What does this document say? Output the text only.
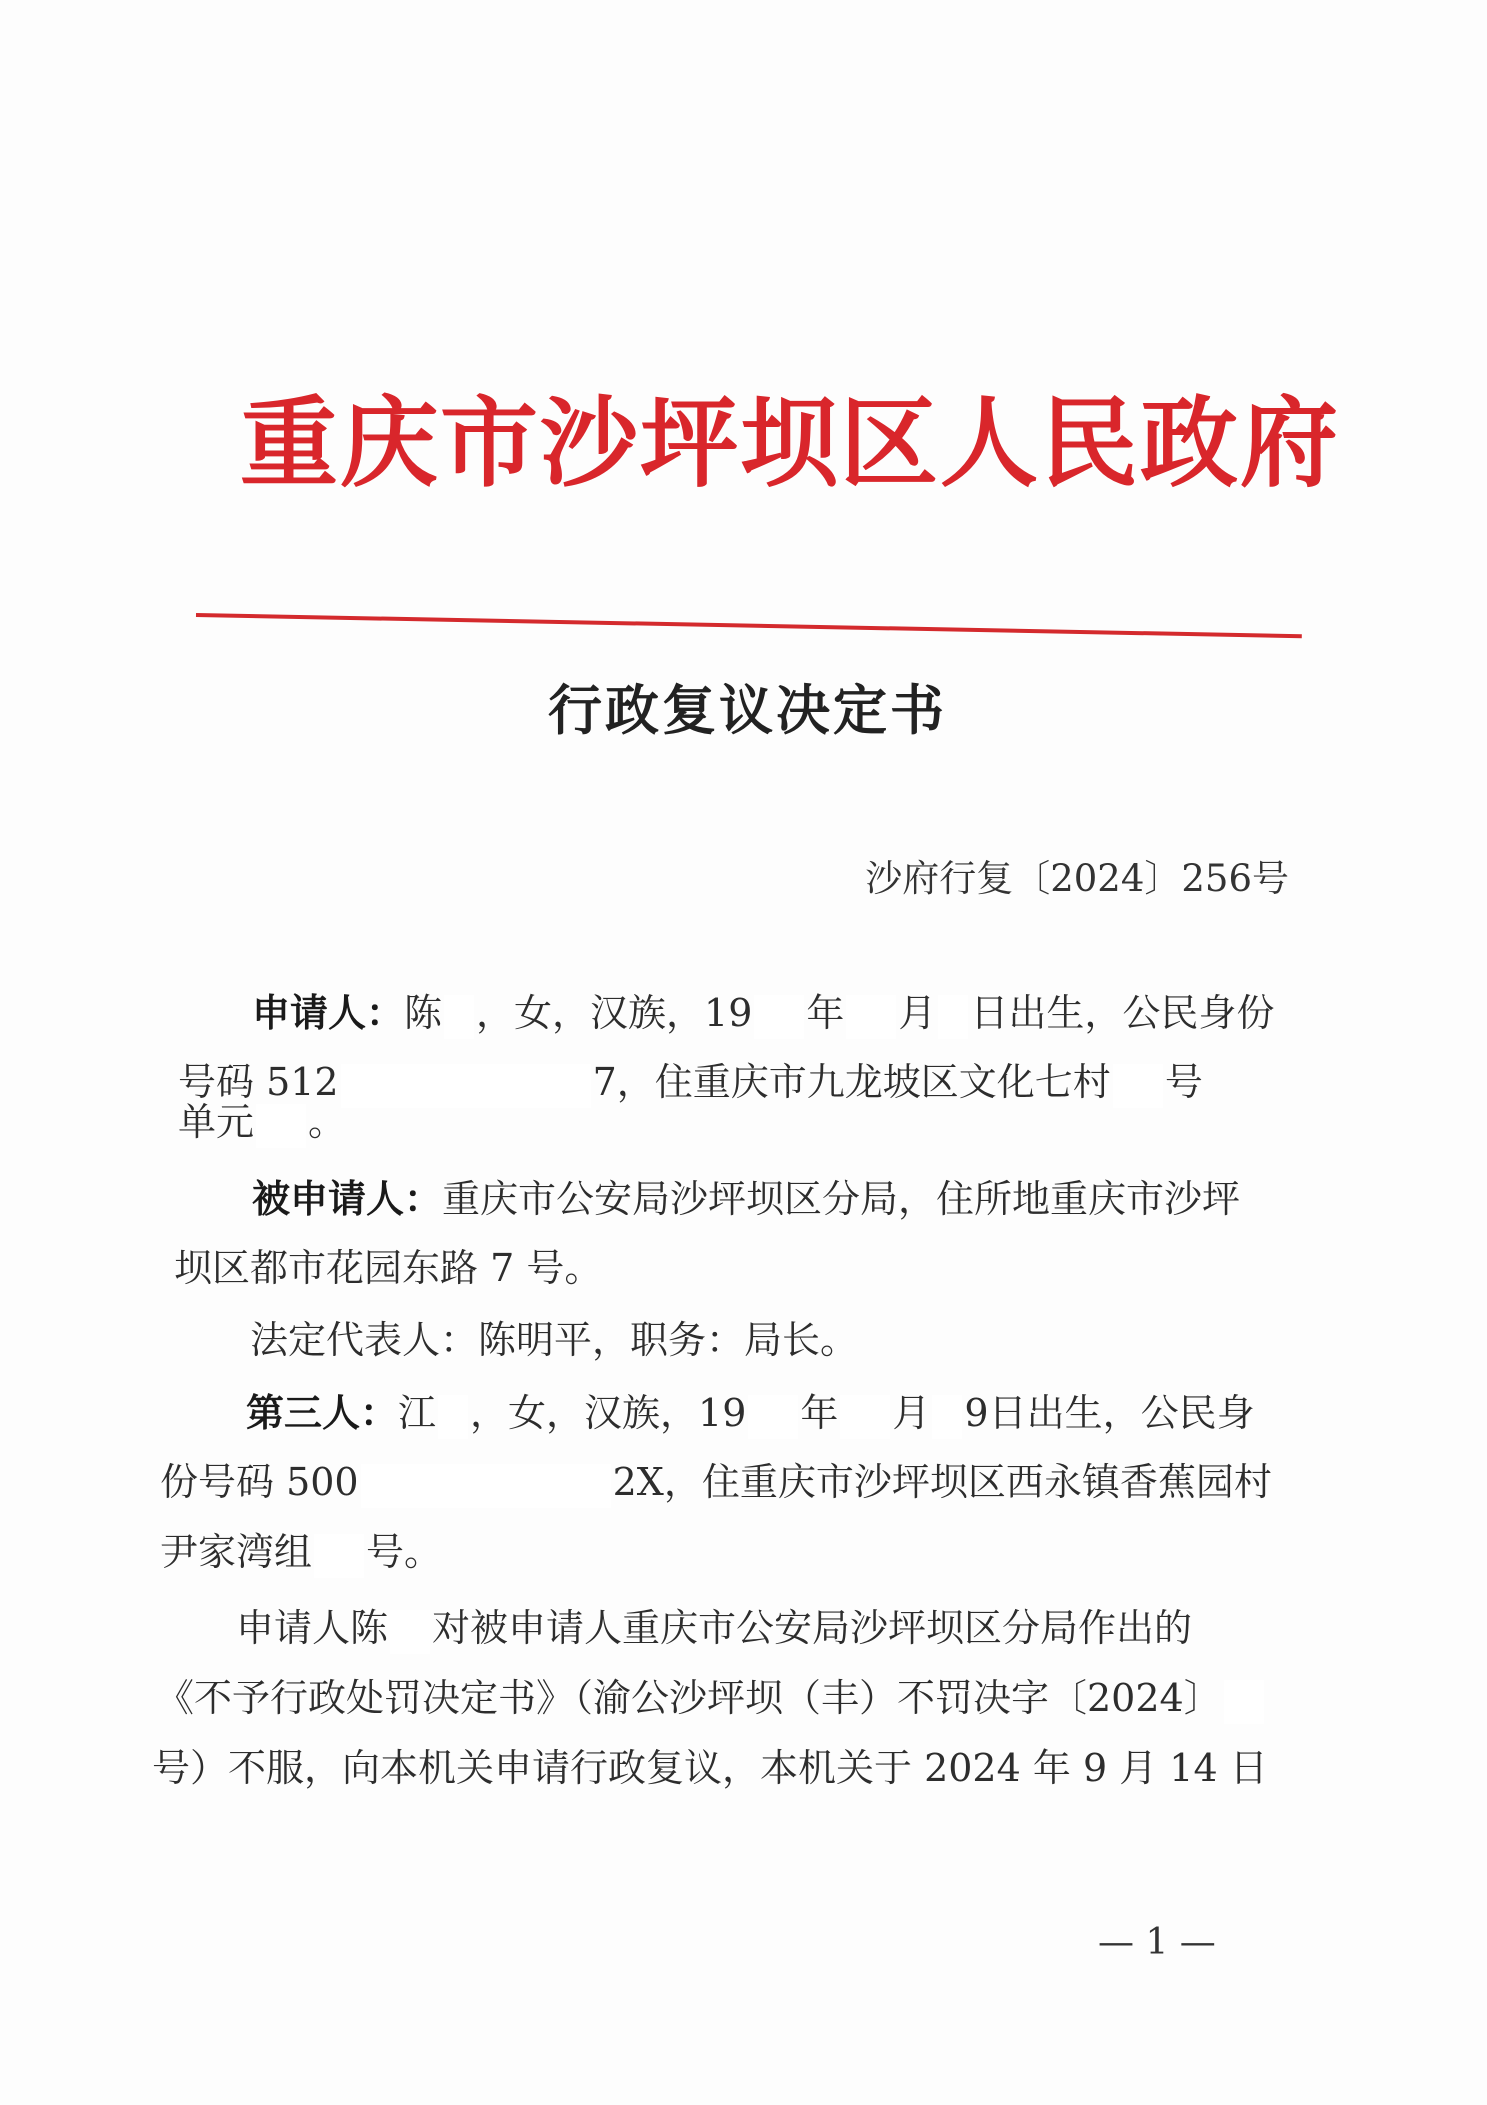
重庆市沙坪坝区人民政府
行政复议决定书
沙府行复〔2024〕256号
申请人：陈 ，女，汉族，19 年 月 日出生，公民身份
号码 512	7，住重庆市九龙坡区文化七村 号
单元 。
被申请人：重庆市公安局沙坪坝区分局，住所地重庆市沙坪
坝区都市花园东路 7 号。
法定代表人：陈明平，职务：局长。
第三人：江 ，女，汉族，19 年 月 9日出生，公民身
份号码 500	2X，住重庆市沙坪坝区西永镇香蕉园村
尹家湾组 号。
申请人陈 对被申请人重庆市公安局沙坪坝区分局作出的
《不予行政处罚决定书》（渝公沙坪坝（丰）不罚决字〔2024〕
号）不服，向本机关申请行政复议，本机关于 2024 年 9 月 14 日
— 1 —
